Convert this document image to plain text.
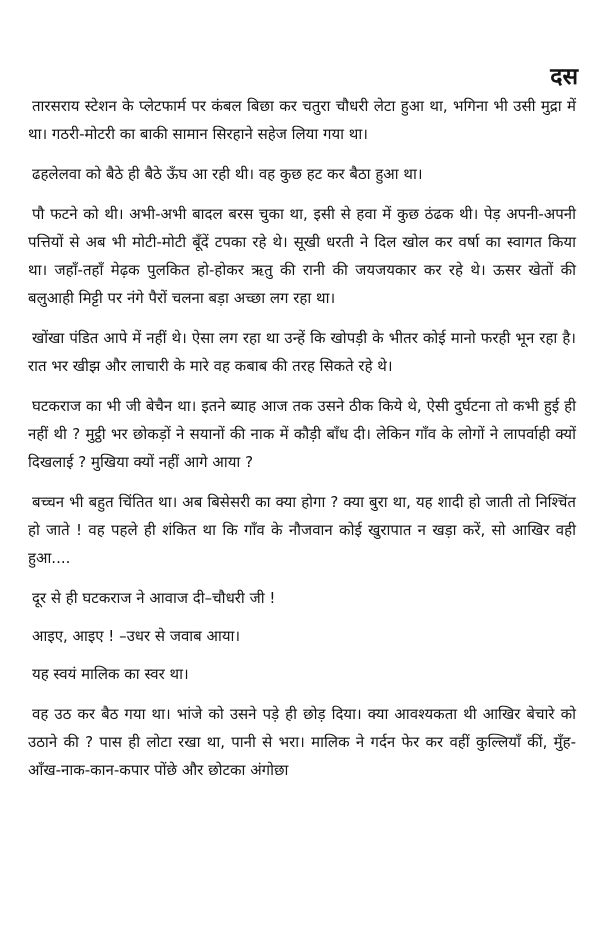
दस

तारसराय स्टेशन के प्लेटफार्म पर कंबल बिछा कर चतुरा चौधरी लेटा हुआ था, भगिना भी उसी मुद्रा में था। गठरी-मोटरी का बाकी सामान सिरहाने सहेज लिया गया था।

ढहलेलवा को बैठे ही बैठे ऊँघ आ रही थी। वह कुछ हट कर बैठा हुआ था।

पौ फटने को थी। अभी-अभी बादल बरस चुका था, इसी से हवा में कुछ ठंढक थी। पेड़ अपनी-अपनी पत्तियों से अब भी मोटी-मोटी बूँदें टपका रहे थे। सूखी धरती ने दिल खोल कर वर्षा का स्वागत किया था। जहाँ-तहाँ मेढ़क पुलकित हो-होकर ऋतु की रानी की जयजयकार कर रहे थे। ऊसर खेतों की बलुआही मिट्टी पर नंगे पैरों चलना बड़ा अच्छा लग रहा था।

खोंखा पंडित आपे में नहीं थे। ऐसा लग रहा था उन्हें कि खोपड़ी के भीतर कोई मानो फरही भून रहा है। रात भर खीझ और लाचारी के मारे वह कबाब की तरह सिकते रहे थे।

घटकराज का भी जी बेचैन था। इतने ब्याह आज तक उसने ठीक किये थे, ऐसी दुर्घटना तो कभी हुई ही नहीं थी ? मुट्ठी भर छोकड़ों ने सयानों की नाक में कौड़ी बाँध दी। लेकिन गाँव के लोगों ने लापर्वाही क्यों दिखलाई ? मुखिया क्यों नहीं आगे आया ?

बच्चन भी बहुत चिंतित था। अब बिसेसरी का क्या होगा ? क्या बुरा था, यह शादी हो जाती तो निश्चिंत हो जाते ! वह पहले ही शंकित था कि गाँव के नौजवान कोई खुरापात न खड़ा करें, सो आखिर वही हुआ....

दूर से ही घटकराज ने आवाज दी–चौधरी जी !

आइए, आइए ! –उधर से जवाब आया।

यह स्वयं मालिक का स्वर था।

वह उठ कर बैठ गया था। भांजे को उसने पड़े ही छोड़ दिया। क्या आवश्यकता थी आखिर बेचारे को उठाने की ? पास ही लोटा रखा था, पानी से भरा। मालिक ने गर्दन फेर कर वहीं कुल्लियाँ कीं, मुँह-आँख-नाक-कान-कपार पोंछे और छोटका अंगोछा
